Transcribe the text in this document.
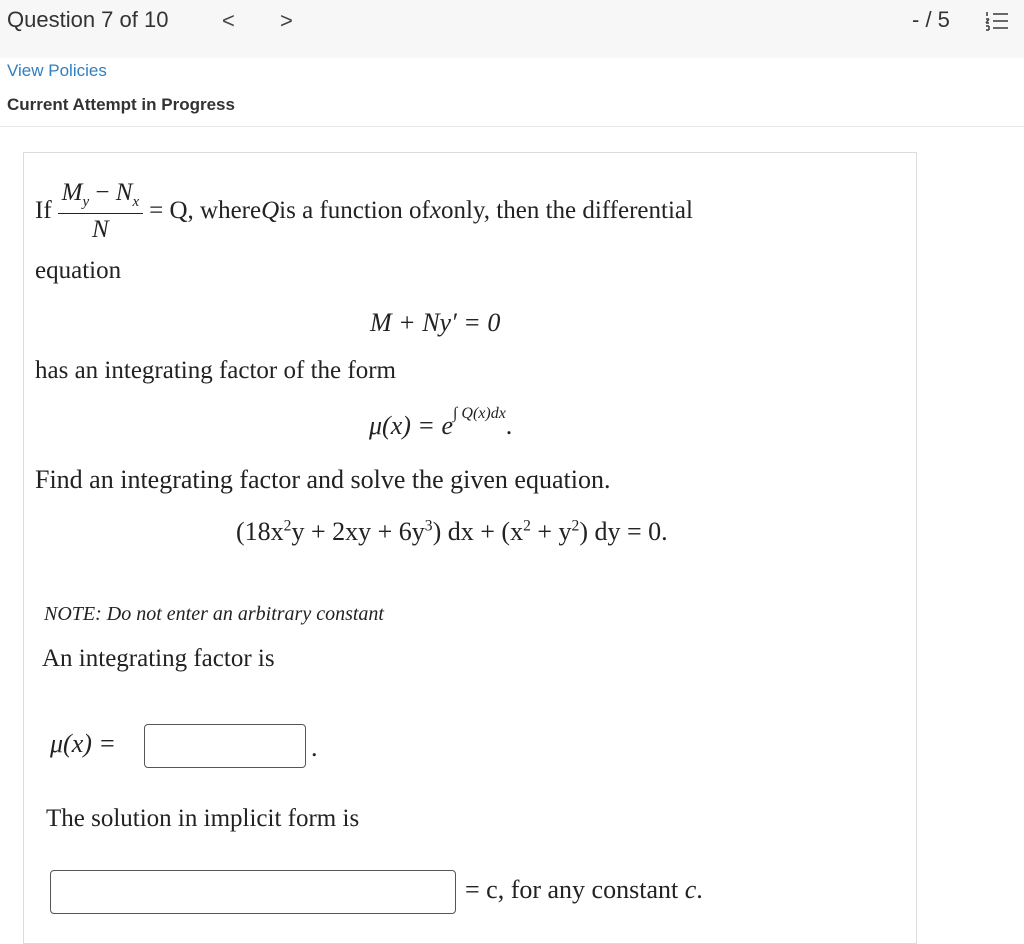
Question 7 of 10 < >	- / 5
View Policies
Current Attempt in Progress
If $\frac{M_y - N_x}{N} = Q$, where Q is a function of x only, then the differential
equation
M + Ny′ = 0
has an integrating factor of the form
$\mu(x) = e^{\int Q(x)dx}$.
Find an integrating factor and solve the given equation.
$(18x^2y + 2xy + 6y^3)$ dx + $(x^2 + y^2)$ dy = 0.
NOTE: Do not enter an arbitrary constant
An integrating factor is
μ(x) =	.
The solution in implicit form is
= c, for any constant c.
